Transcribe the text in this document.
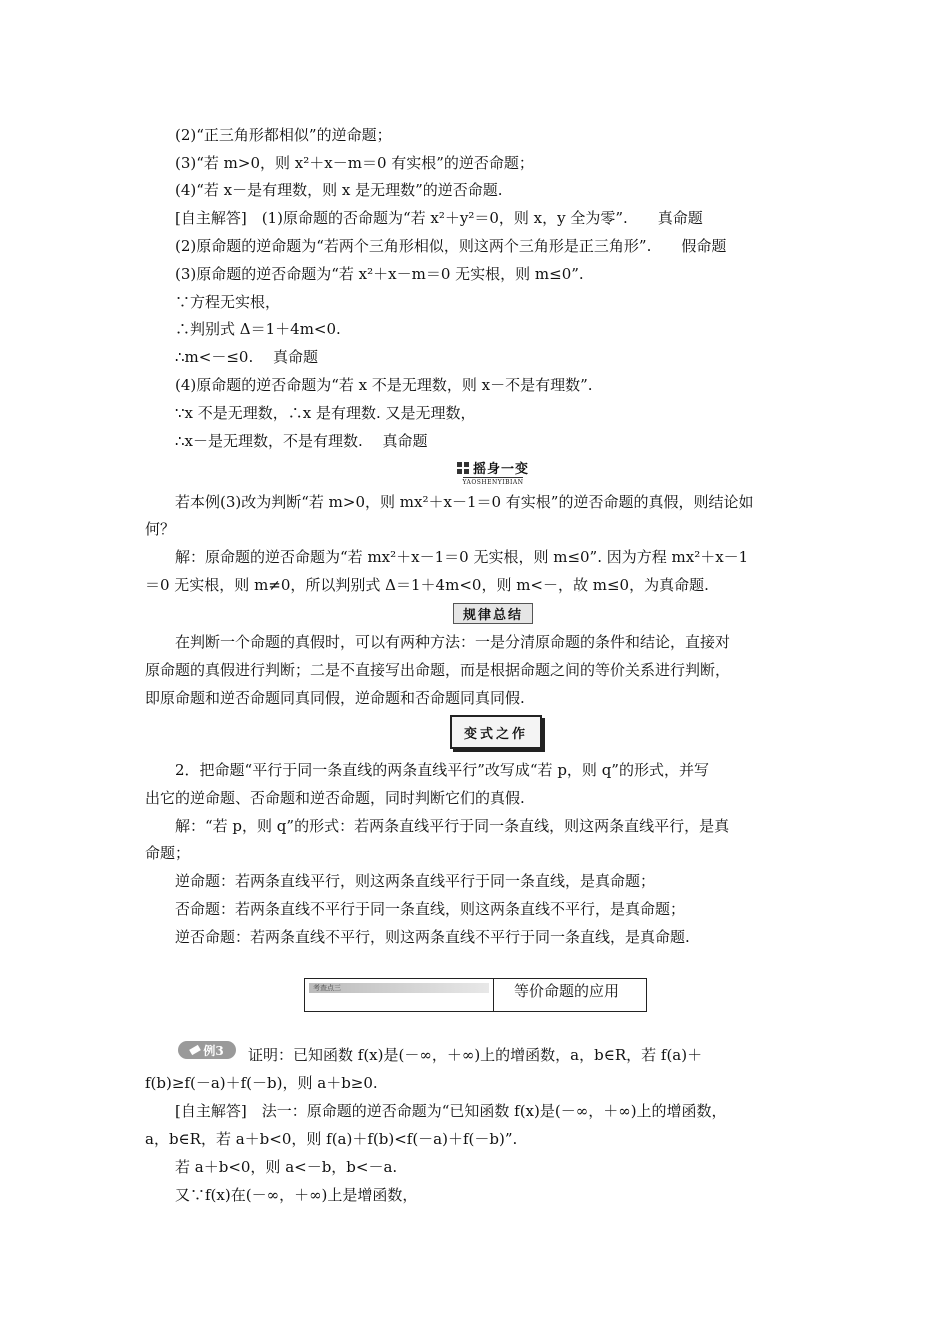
(2)“正三角形都相似”的逆命题；
(3)“若 m>0，则 x²＋x－m＝0 有实根”的逆否命题；
(4)“若 x－是有理数，则 x 是无理数”的逆否命题.
[自主解答]　(1)原命题的否命题为“若 x²＋y²＝0，则 x，y 全为零”.　　真命题
(2)原命题的逆命题为“若两个三角形相似，则这两个三角形是正三角形”.　　假命题
(3)原命题的逆否命题为“若 x²＋x－m＝0 无实根，则 m≤0”.
∵方程无实根，
∴判别式 Δ＝1＋4m<0.
∴m<－≤0.　 真命题
(4)原命题的逆否命题为“若 x 不是无理数，则 x－不是有理数”.
∵x 不是无理数，∴x 是有理数. 又是无理数，
∴x－是无理数，不是有理数.　 真命题
摇身一变
YAOSHENYIBIAN
若本例(3)改为判断“若 m>0，则 mx²＋x－1＝0 有实根”的逆否命题的真假，则结论如
何？
解：原命题的逆否命题为“若 mx²＋x－1＝0 无实根，则 m≤0”. 因为方程 mx²＋x－1
＝0 无实根，则 m≠0，所以判别式 Δ＝1＋4m<0，则 m<－，故 m≤0，为真命题.
规律总结
在判断一个命题的真假时，可以有两种方法：一是分清原命题的条件和结论，直接对
原命题的真假进行判断；二是不直接写出命题，而是根据命题之间的等价关系进行判断，
即原命题和逆否命题同真同假，逆命题和否命题同真同假.
变式之作
2．把命题“平行于同一条直线的两条直线平行”改写成“若 p，则 q”的形式，并写
出它的逆命题、否命题和逆否命题，同时判断它们的真假.
解：“若 p，则 q”的形式：若两条直线平行于同一条直线，则这两条直线平行，是真
命题；
逆命题：若两条直线平行，则这两条直线平行于同一条直线，是真命题；
否命题：若两条直线不平行于同一条直线，则这两条直线不平行，是真命题；
逆否命题：若两条直线不平行，则这两条直线不平行于同一条直线，是真命题.
考查点三	等价命题的应用
例3 证明：已知函数 f(x)是(－∞，＋∞)上的增函数，a，b∈R，若 f(a)＋
f(b)≥f(－a)＋f(－b)，则 a＋b≥0.
[自主解答]　法一：原命题的逆否命题为“已知函数 f(x)是(－∞，＋∞)上的增函数，
a，b∈R，若 a＋b<0，则 f(a)＋f(b)<f(－a)＋f(－b)”.
若 a＋b<0，则 a<－b，b<－a.
又∵f(x)在(－∞，＋∞)上是增函数，
